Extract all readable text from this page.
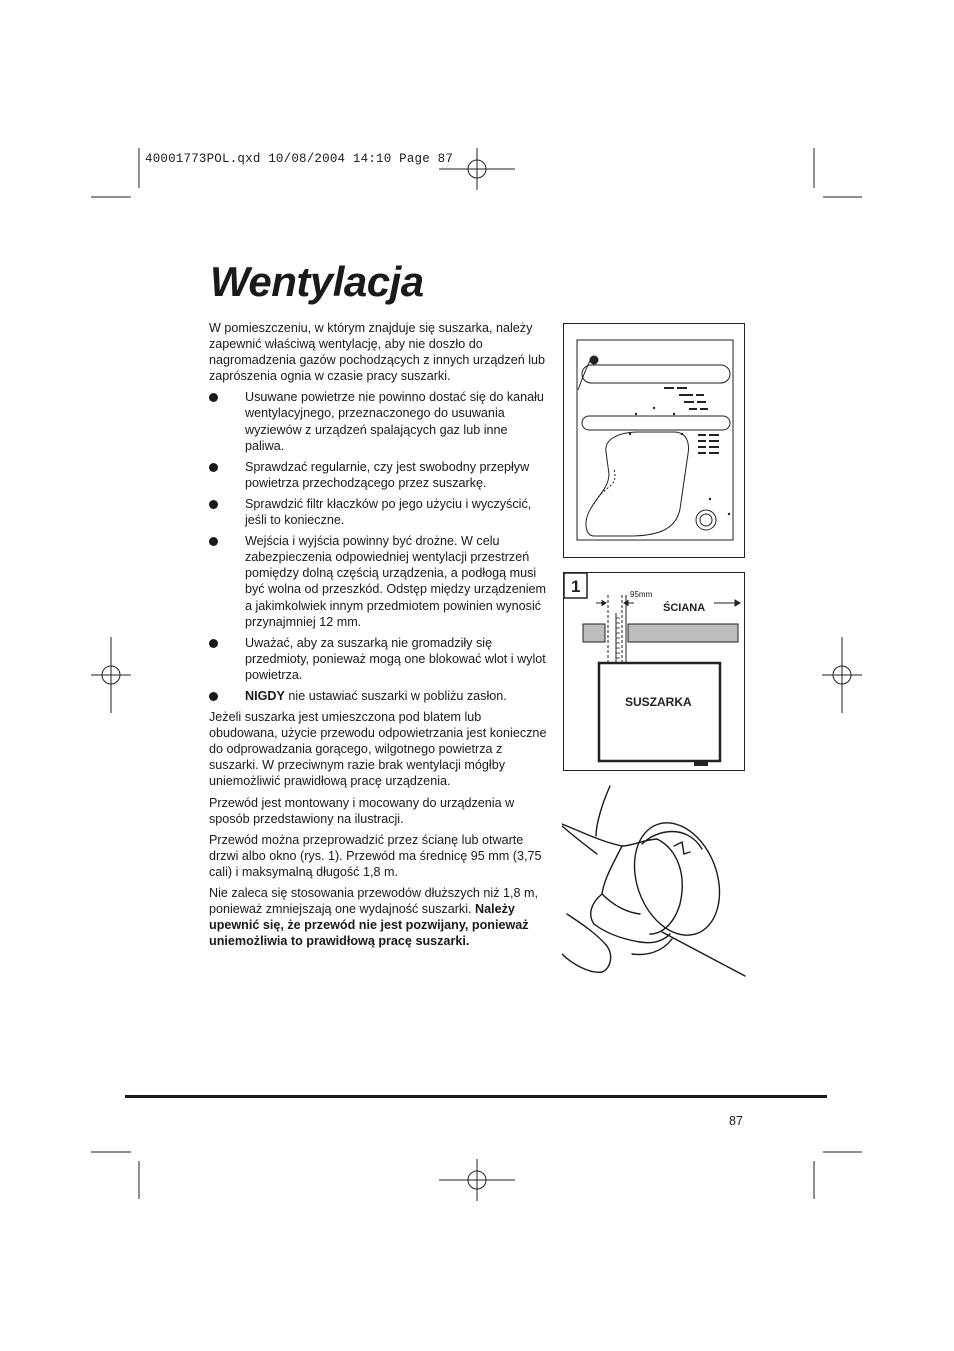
40001773POL.qxd 10/08/2004 14:10 Page 87
Wentylacja

W pomieszczeniu, w którym znajduje się suszarka, należy zapewnić właściwą wentylację, aby nie doszło do nagromadzenia gazów pochodzących z innych urządzeń lub zaprószenia ognia w czasie pracy suszarki.

Usuwane powietrze nie powinno dostać się do kanału wentylacyjnego, przeznaczonego do usuwania wyziewów z urządzeń spalających gaz lub inne paliwa.
Sprawdzać regularnie, czy jest swobodny przepływ powietrza przechodzącego przez suszarkę.
Sprawdzić filtr kłaczków po jego użyciu i wyczyścić, jeśli to konieczne.
Wejścia i wyjścia powinny być drożne. W celu zabezpieczenia odpowiedniej wentylacji przestrzeń pomiędzy dolną częścią urządzenia, a podłogą musi być wolna od przeszkód. Odstęp między urządzeniem a jakimkolwiek innym przedmiotem powinien wynosić przynajmniej 12 mm.
Uważać, aby za suszarką nie gromadziły się przedmioty, ponieważ mogą one blokować wlot i wylot powietrza.
NIGDY nie ustawiać suszarki w pobliżu zasłon.

Jeżeli suszarka jest umieszczona pod blatem lub obudowana, użycie przewodu odpowietrzania jest konieczne do odprowadzania gorącego, wilgotnego powietrza z suszarki. W przeciwnym razie brak wentylacji mógłby uniemożliwić prawidłową pracę urządzenia.

Przewód jest montowany i mocowany do urządzenia w sposób przedstawiony na ilustracji.

Przewód można przeprowadzić przez ścianę lub otwarte drzwi albo okno (rys. 1). Przewód ma średnicę 95 mm (3,75 cali) i maksymalną długość 1,8 m.

Nie zaleca się stosowania przewodów dłuższych niż 1,8 m, ponieważ zmniejszają one wydajność suszarki. Należy upewnić się, że przewód nie jest pozwijany, ponieważ uniemożliwia to prawidłową pracę suszarki.

1	95mm
ŚCIANA
SUSZARKA
87
